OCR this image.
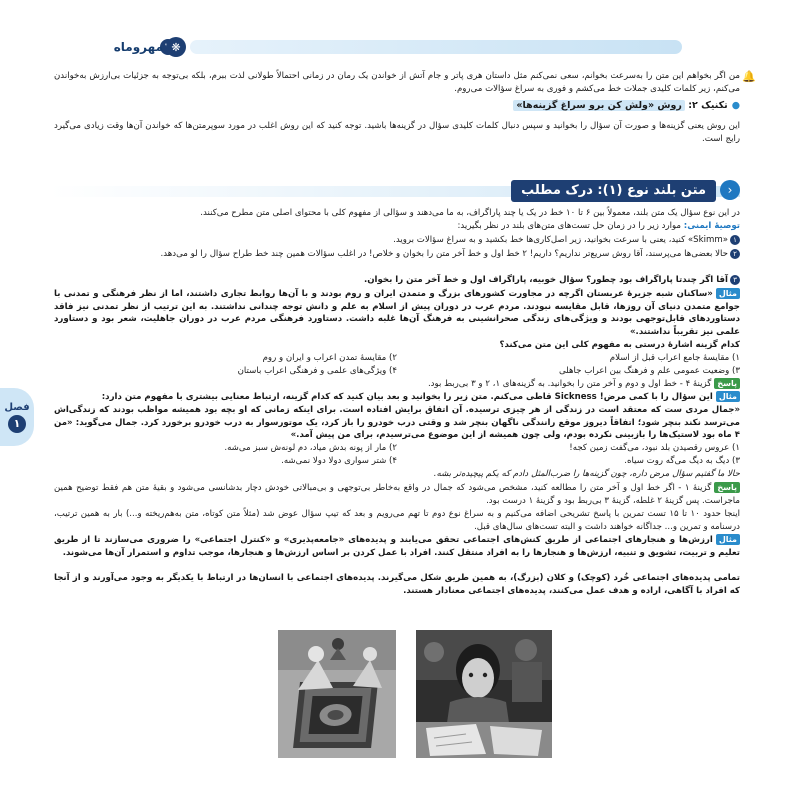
❋
مهروماه
🔔
من اگر بخواهم این متن را به‌سرعت بخوانم، سعی نمی‌کنم مثل داستان هری پاتر و جام آتش از خواندن یک رمان در زمانی احتمالاً طولانی لذت ببرم، بلکه بی‌توجه به جزئیات بی‌ارزش به‌خواندن می‌کنم، زیر کلمات کلیدی جملات خط می‌کشم و فوری به سراغ سؤالات می‌روم.
●تکنیک ۲: روش «ولش کن برو سراغ گزینه‌ها»
این روش یعنی گزینه‌ها و صورت آن سؤال را بخوانید و سپس دنبال کلمات کلیدی سؤال در گزینه‌ها باشید. توجه کنید که این روش اغلب در مورد سوپرمتن‌ها که خواندن آن‌ها وقت زیادی می‌گیرد رایج است.
‹
متن بلند نوع (۱): درک مطلب
در این نوع سؤال یک متن بلند، معمولاً بین ۶ تا ۱۰ خط در یک یا چند پاراگراف، به ما می‌دهند و سؤالی از مفهوم کلی با محتوای اصلی متن مطرح می‌کنند.
توصیهٔ ایمنی: موارد زیر را در زمان حل تست‌های متن‌های بلند در نظر بگیرید:
۱«Skimm» کنید، یعنی با سرعت بخوانید، زیر اصل‌کاری‌ها خط بکشید و به سراغ سؤالات بروید.
۲حالا بعضی‌ها می‌پرسند، آقا روش سریع‌تر نداریم؟ داریم! ۲ خط اول و خط آخر متن را بخوان و خلاص! در اغلب سؤالات همین چند خط طراح سؤال را لو می‌دهد.
۳آقا اگر چندتا پاراگراف بود چطور؟ سؤال خوبیه، پاراگراف اول و خط آخر متن را بخوان.
مثال«ساکنان شبه جزیرهٔ عربستان اگرچه در مجاورت کشورهای بزرگ و متمدن ایران و روم بودند و با آن‌ها روابط تجاری داشتند، اما از نظر فرهنگی و تمدنی با جوامع متمدن دنیای آن روزها، قابل مقایسه نبودند. مردم عرب در دوران پیش از اسلام به علم و دانش توجه چندانی نداشتند. به این ترتیب از نظر تمدنی نیز فاقد دستاوردهای قابل‌توجهی بودند و ویژگی‌های زندگی صحرانشینی به فرهنگ آن‌ها غلبه داشت. دستاورد فرهنگی مردم عرب در دوران جاهلیت، شعر بود و دستاورد علمی نیز تقریباً نداشتند.»
کدام گزینه اشارهٔ درستی به مفهوم کلی این متن می‌کند؟
۱) مقایسهٔ جامع اعراب قبل از اسلام
۲) مقایسهٔ تمدن اعراب و ایران و روم
۳) وضعیت عمومی علم و فرهنگ بین اعراب جاهلی
۴) ویژگی‌های علمی و فرهنگی اعراب باستان
پاسخگزینهٔ ۴ - خط اول و دوم و آخر متن را بخوانید. به گزینه‌های ۱، ۲ و ۳ بی‌ربط بود.
مثالاین سؤال را با کمی مرض! Sickness قاطی می‌کنم. متن زیر را بخوانید و بعد بیان کنید که کدام گزینه، ارتباط معنایی بیشتری با مفهوم متن دارد:
«جمال مردی ست که معتقد است در زندگی از هر چیزی ترسیده. آن اتفاق برایش افتاده است. برای اینکه زمانی که او بچه بود همیشه مواظب بودند که زندگی‌اش می‌ترسد نکند بنچر شود؛ اتفاقاً دیروز موقع رانندگی ناگهان بنچر شد و وقتی درب خودرو را باز کرد، یک موتورسوار به درب خودرو برخورد کرد. جمال می‌گوید: «من ۴ ماه بود لاستیک‌ها را بازبینی نکرده بودم، ولی چون همیشه از این موضوع می‌ترسیدم، برای من پیش آمد.»
۱) عروس رقصیدن بلد نبود، می‌گفت زمین کجه!
۲) مار از پونه بدش میاد، دم لونه‌ش سبز می‌شه.
۳) دیگ به دیگ می‌گه روت سیاه.
۴) شتر سواری دولا دولا نمی‌شه.
حالا ما گفتیم سؤال مرض داره، چون گزینه‌ها را ضرب‌المثل دادم که یکم پیچیده‌تر بشه.
پاسخگزینهٔ ۱ - اگر خط اول و آخر متن را مطالعه کنید، مشخص می‌شود که جمال در واقع به‌خاطر بی‌توجهی و بی‌مبالاتی خودش دچار بدشانسی می‌شود و بقیهٔ متن هم فقط توضیح همین ماجراست. پس گزینهٔ ۲ غلطه، گزینهٔ ۳ بی‌ربط بود و گزینهٔ ۱ درست بود.
اینجا حدود ۱۰ تا ۱۵ تست تمرین با پاسخ تشریحی اضافه می‌کنیم و به سراغ نوع دوم تا تهم می‌رویم و بعد که تیپ سؤال عوض شد (مثلاً متن کوتاه، متن به‌هم‌ریخته و...) بار به همین ترتیب، درسنامه و تمرین و... جداگانه خواهند داشت و البته تست‌های سال‌های قبل.
مثالارزش‌ها و هنجارهای اجتماعی از طریق کنش‌های اجتماعی تحقق می‌یابند و پدیده‌های «جامعه‌پذیری» و «کنترل اجتماعی» را ضروری می‌سازند تا از طریق تعلیم و تربیت، تشویق و تنبیه، ارزش‌ها و هنجارها را به افراد منتقل کنند. افراد با عمل کردن بر اساس ارزش‌ها و هنجارها، موجب تداوم و استمرار آن‌ها می‌شوند.
تمامی پدیده‌های اجتماعی خُرد (کوچک) و کلان (بزرگ)، به همین طریق شکل می‌گیرند. پدیده‌های اجتماعی با انسان‌ها در ارتباط با یکدیگر به وجود می‌آورند و از آنجا که افراد با آگاهی، اراده و هدف عمل می‌کنند، پدیده‌های اجتماعی معنادار هستند.
فصل
۱
